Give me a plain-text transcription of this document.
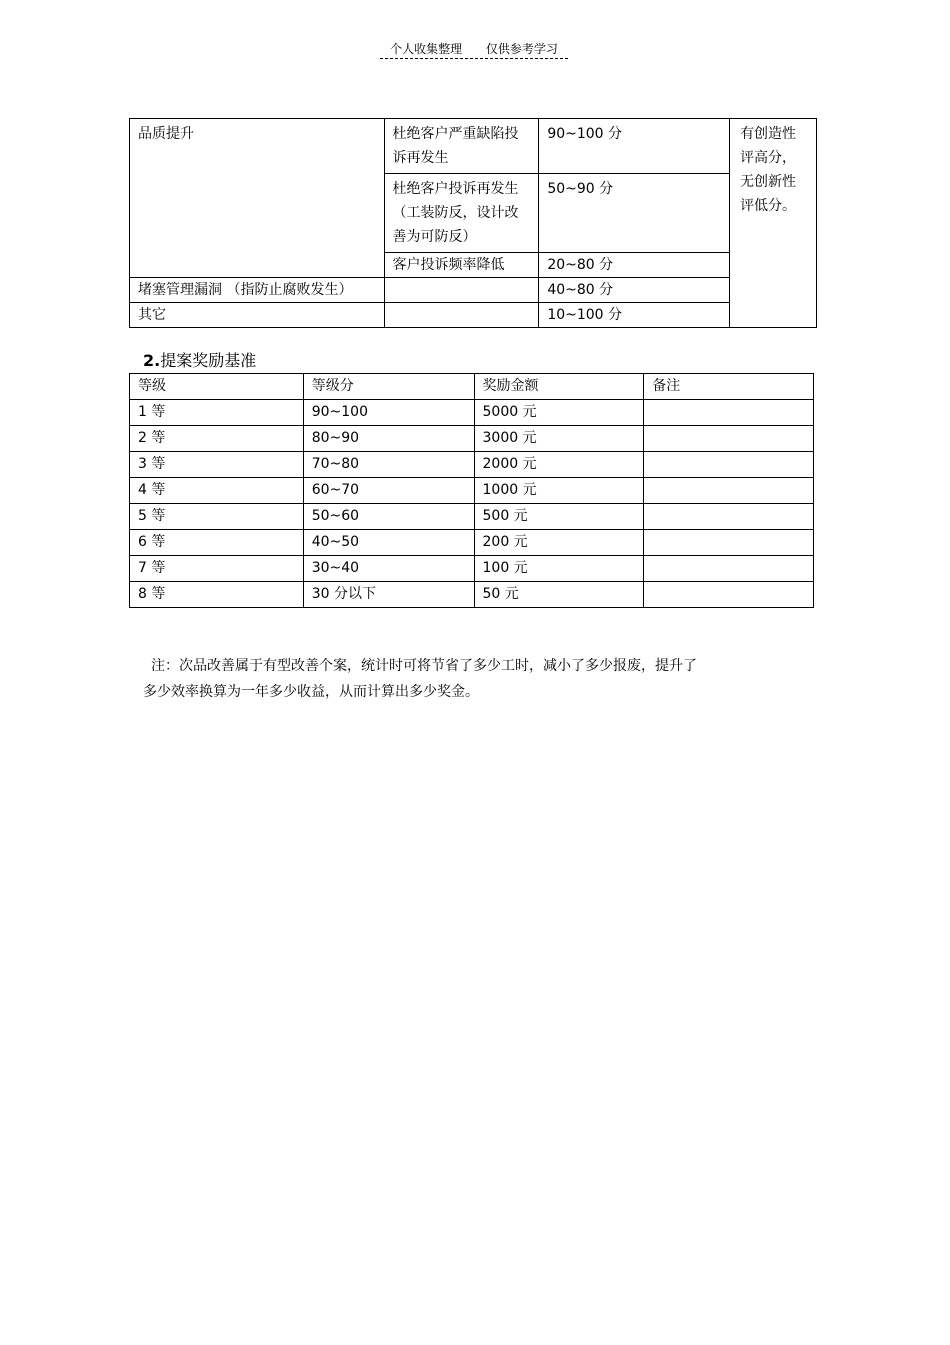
个人收集整理 仅供参考学习
品质提升	杜绝客户严重缺陷投诉再发生	90~100 分	有创造性评高分，无创新性评低分。
	杜绝客户投诉再发生（工装防反，设计改善为可防反）	50~90 分	
	客户投诉频率降低	20~80 分	
堵塞管理漏洞 （指防止腐败发生）		40~80 分	
其它		10~100 分	
2.提案奖励基准
等级	等级分	奖励金额	备注
1 等	90~100	5000 元	
2 等	80~90	3000 元	
3 等	70~80	2000 元	
4 等	60~70	1000 元	
5 等	50~60	500 元	
6 等	40~50	200 元	
7 等	30~40	100 元	
8 等	30 分以下	50 元	

注：次品改善属于有型改善个案，统计时可将节省了多少工时，减小了多少报废，提升了

多少效率换算为一年多少收益，从而计算出多少奖金。
